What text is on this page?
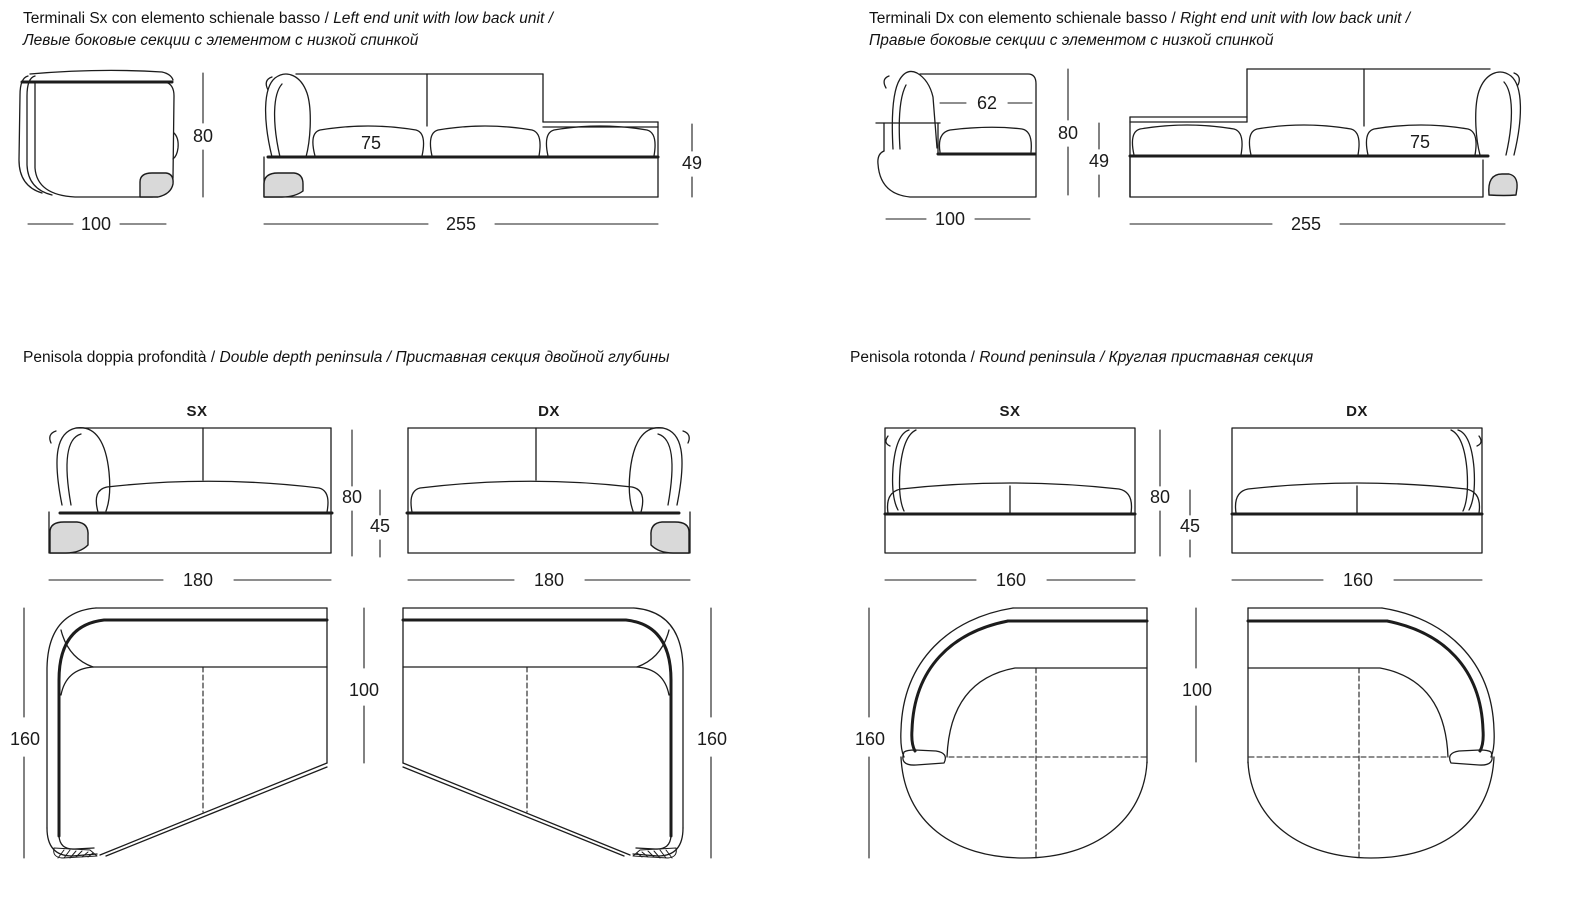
Terminali Sx con elemento schienale basso / Left end unit with low back unit /
Левые боковые секции с элементом с низкой спинкой
Terminali Dx con elemento schienale basso / Right end unit with low back unit /
Правые боковые секции с элементом с низкой спинкой
Penisola doppia profondità / Double depth peninsula / Приставная секция двойной глубины	Penisola rotonda / Round peninsula / Круглая приставная секция
80
100
75
49
255
62
100
80
49
75
255
SX	DX
180
80
45
180
160
100
160
SX	DX
160
80
45
160
160
100
